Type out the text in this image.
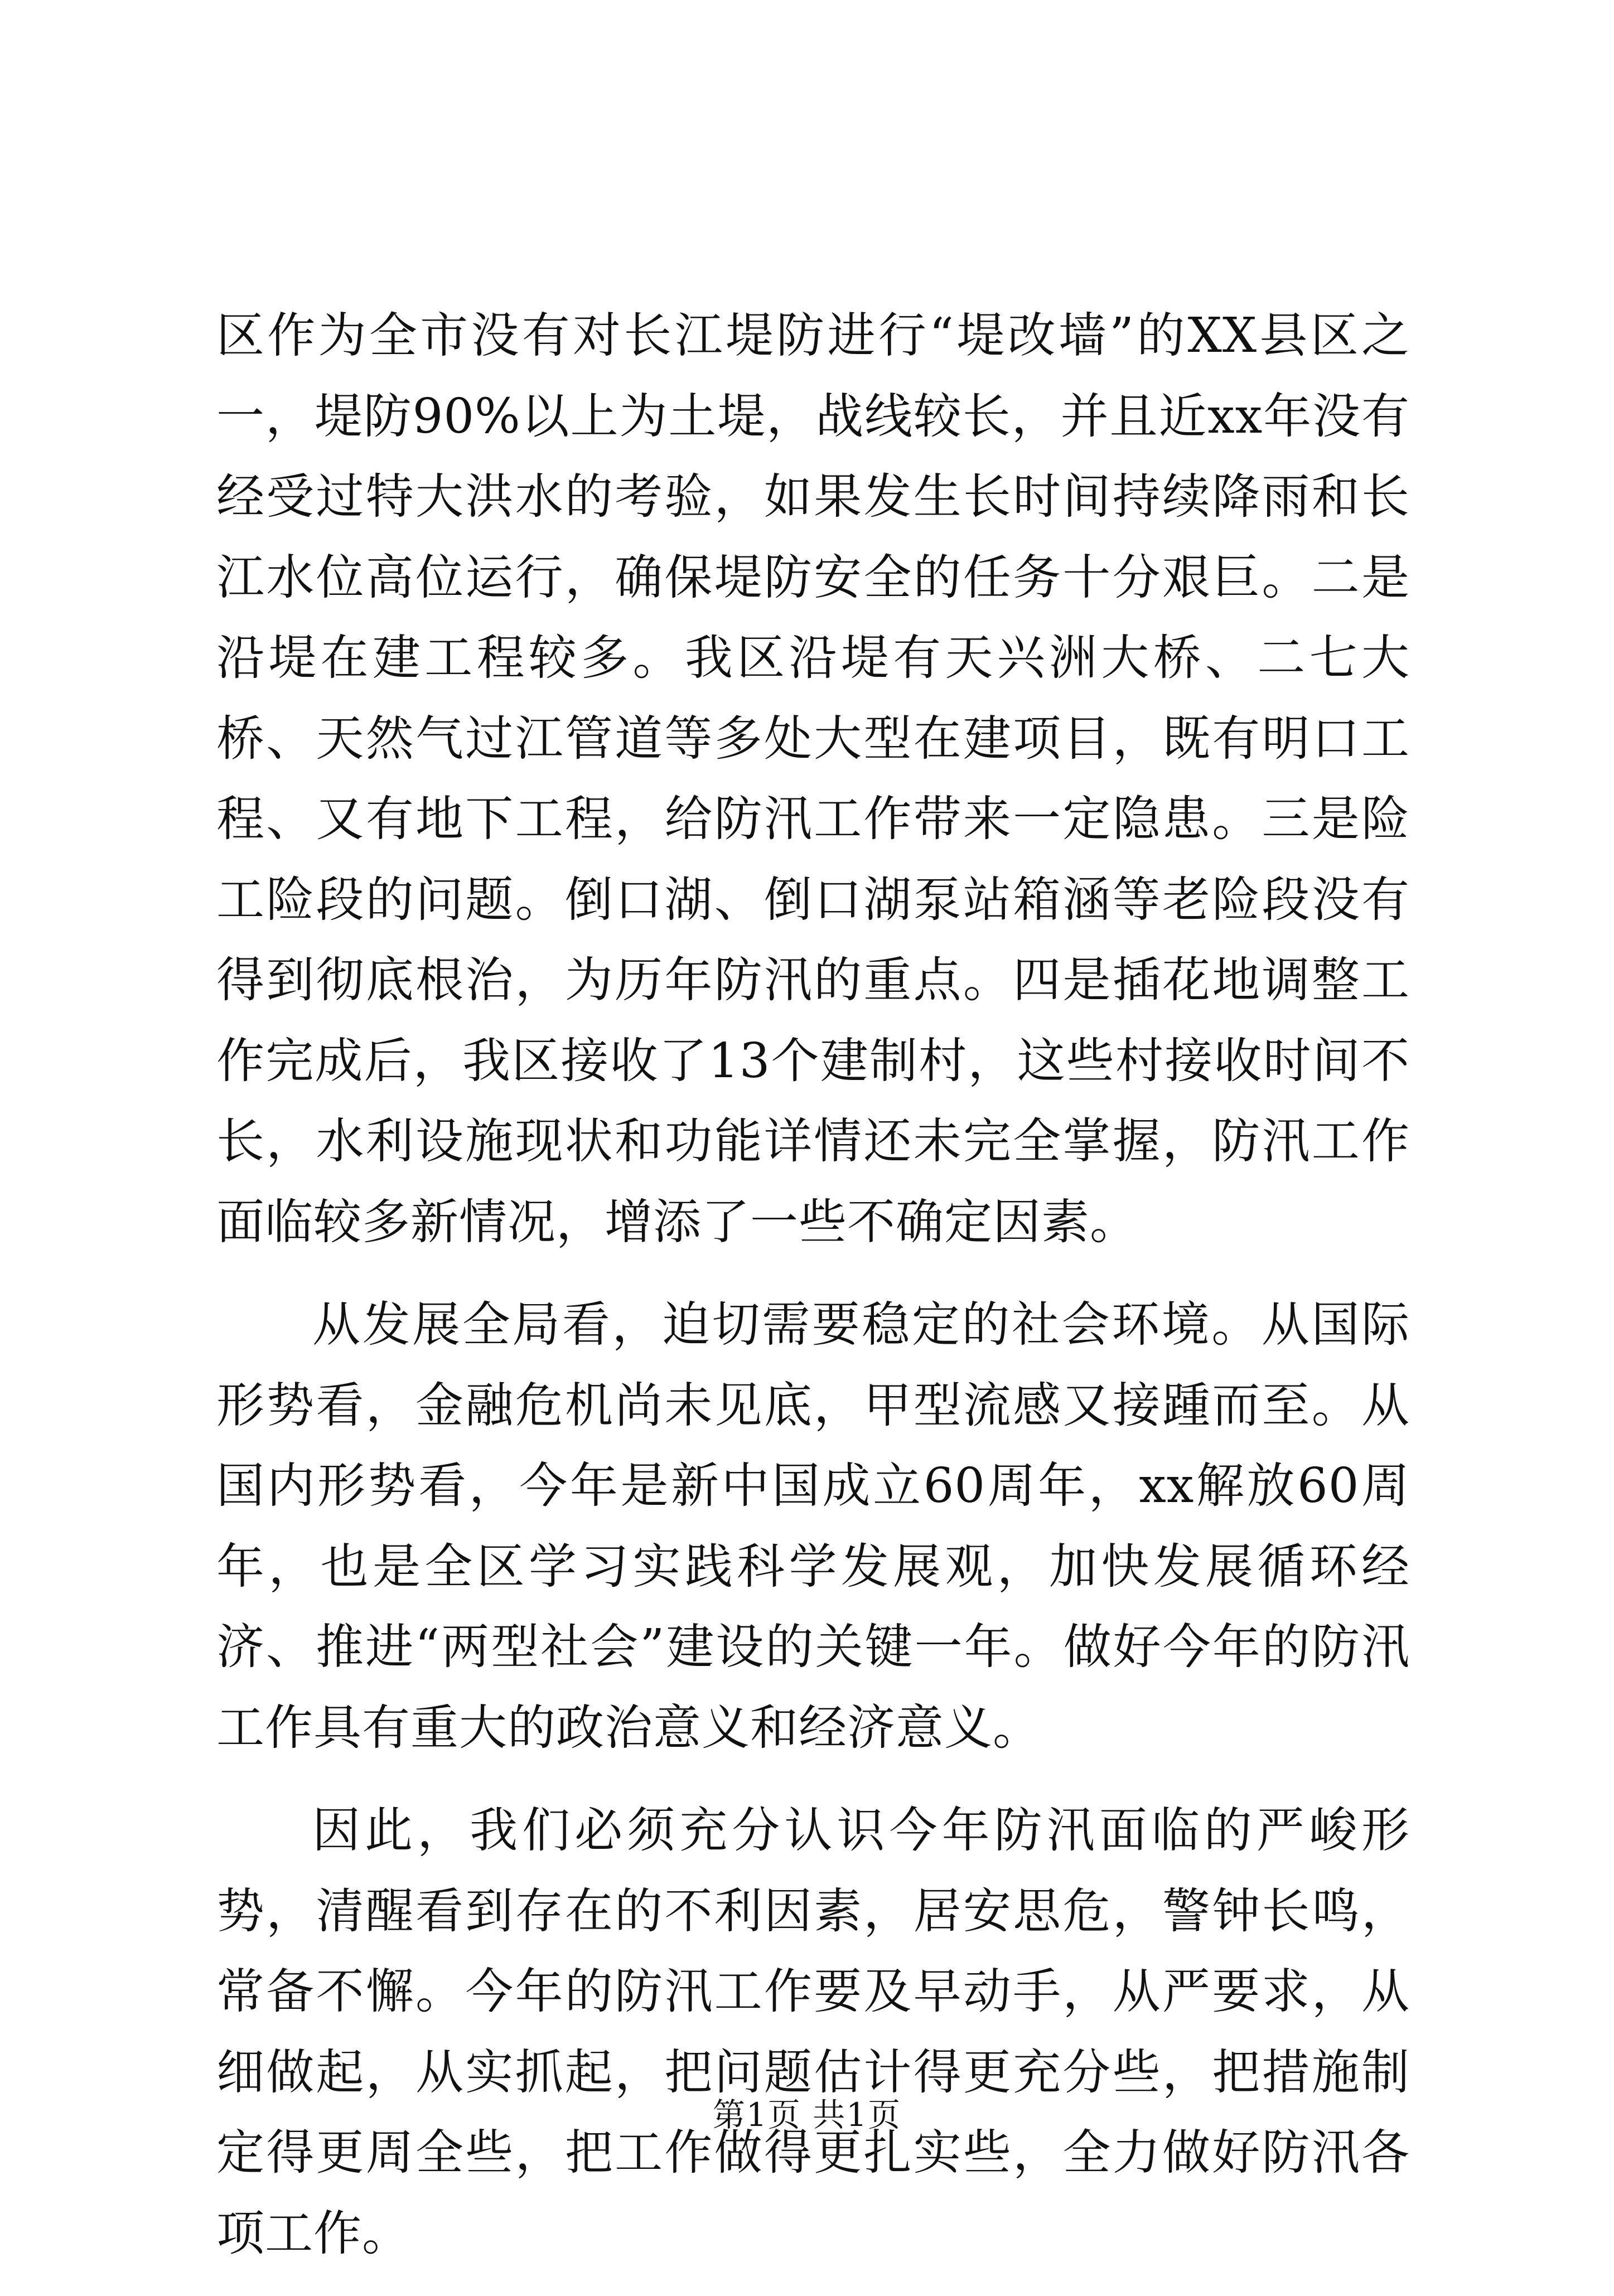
区作为全市没有对长江堤防进行“堤改墙”的XX县区之一，堤防90%以上为土堤，战线较长，并且近xx年没有经受过特大洪水的考验，如果发生长时间持续降雨和长江水位高位运行，确保堤防安全的任务十分艰巨。二是沿堤在建工程较多。我区沿堤有天兴洲大桥、二七大桥、天然气过江管道等多处大型在建项目，既有明口工程、又有地下工程，给防汛工作带来一定隐患。三是险工险段的问题。倒口湖、倒口湖泵站箱涵等老险段没有得到彻底根治，为历年防汛的重点。四是插花地调整工作完成后，我区接收了13个建制村，这些村接收时间不长，水利设施现状和功能详情还未完全掌握，防汛工作面临较多新情况，增添了一些不确定因素。

从发展全局看，迫切需要稳定的社会环境。从国际形势看，金融危机尚未见底，甲型流感又接踵而至。从国内形势看，今年是新中国成立60周年，xx解放60周年，也是全区学习实践科学发展观，加快发展循环经济、推进“两型社会”建设的关键一年。做好今年的防汛工作具有重大的政治意义和经济意义。

因此，我们必须充分认识今年防汛面临的严峻形势，清醒看到存在的不利因素，居安思危，警钟长鸣，常备不懈。今年的防汛工作要及早动手，从严要求，从细做起，从实抓起，把问题估计得更充分些，把措施制定得更周全些，把工作做得更扎实些，全力做好防汛各项工作。

第1页 共1页
